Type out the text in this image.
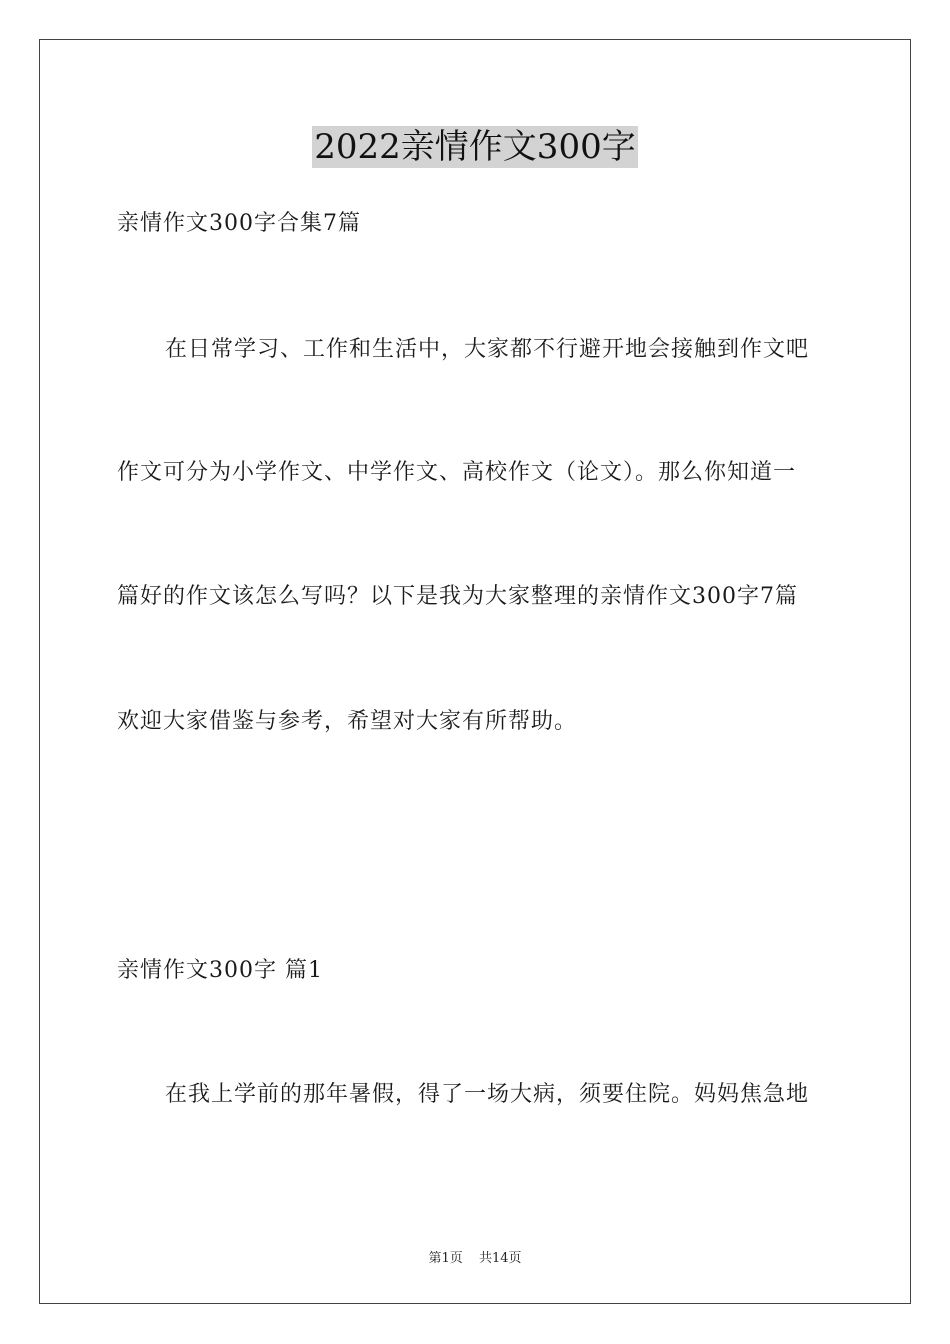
2022亲情作文300字
亲情作文300字合集7篇
在日常学习、工作和生活中，大家都不行避开地会接触到作文吧
作文可分为小学作文、中学作文、高校作文（论文）。那么你知道一
篇好的作文该怎么写吗？以下是我为大家整理的亲情作文300字7篇
欢迎大家借鉴与参考，希望对大家有所帮助。
亲情作文300字 篇1
在我上学前的那年暑假，得了一场大病，须要住院。妈妈焦急地
第1页 共14页
